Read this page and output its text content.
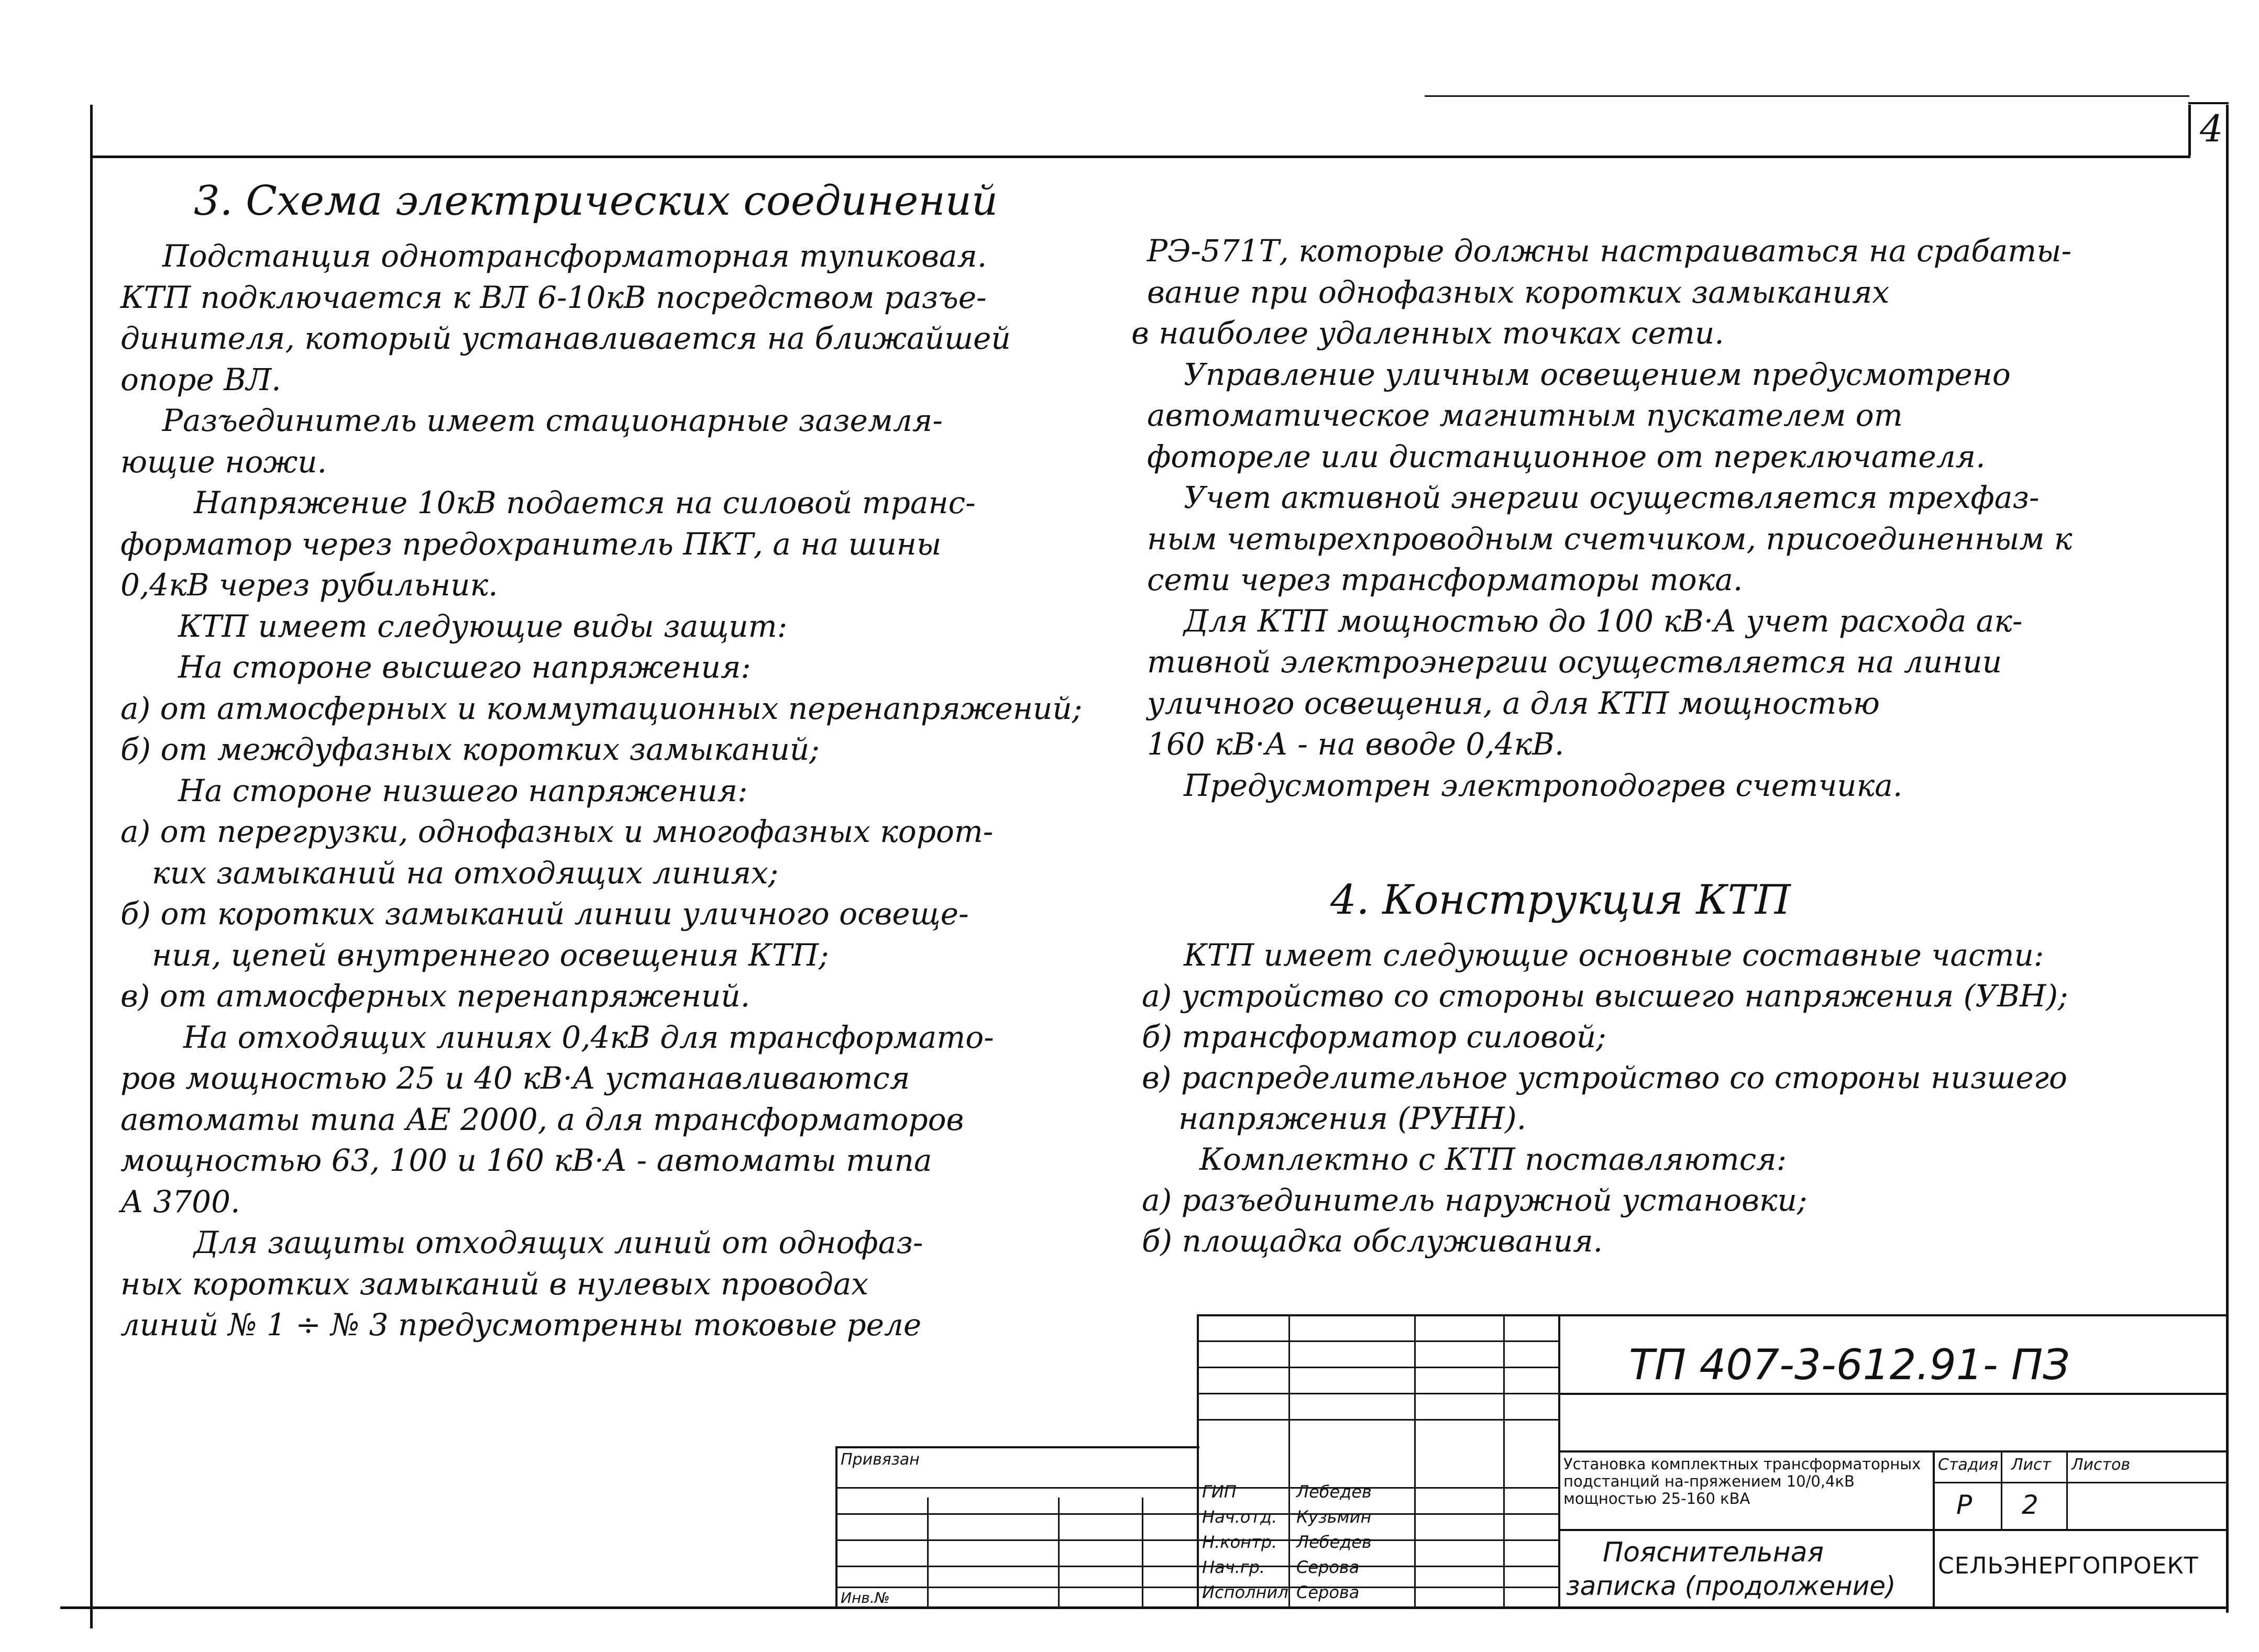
4
3. Схема электрических соединений
Подстанция однотрансформаторная тупиковая.
КТП подключается к ВЛ 6-10кВ посредством разъе-
динителя, который устанавливается на ближайшей
опоре ВЛ.
Разъединитель имеет стационарные заземля-
ющие ножи.
Напряжение 10кВ подается на силовой транс-
форматор через предохранитель ПКТ, а на шины
0,4кВ через рубильник.
КТП имеет следующие виды защит:
На стороне высшего напряжения:
а) от атмосферных и коммутационных перенапряжений;
б) от междуфазных коротких замыканий;
На стороне низшего напряжения:
а) от перегрузки, однофазных и многофазных корот-
ких замыканий на отходящих линиях;
б) от коротких замыканий линии уличного освеще-
ния, цепей внутреннего освещения КТП;
в) от атмосферных перенапряжений.
На отходящих линиях 0,4кВ для трансформато-
ров мощностью 25 и 40 кВ·А устанавливаются
автоматы типа АЕ 2000, а для трансформаторов
мощностью 63, 100 и 160 кВ·А - автоматы типа
А 3700.
Для защиты отходящих линий от однофаз-
ных коротких замыканий в нулевых проводах
линий № 1 ÷ № 3 предусмотренны токовые реле
РЭ-571Т, которые должны настраиваться на срабаты-
вание при однофазных коротких замыканиях
в наиболее удаленных точках сети.
Управление уличным освещением предусмотрено
автоматическое магнитным пускателем от
фотореле или дистанционное от переключателя.
Учет активной энергии осуществляется трехфаз-
ным четырехпроводным счетчиком, присоединенным к
сети через трансформаторы тока.
Для КТП мощностью до 100 кВ·А учет расхода ак-
тивной электроэнергии осуществляется на линии
уличного освещения, а для КТП мощностью
160 кВ·А - на вводе 0,4кВ.
Предусмотрен электроподогрев счетчика.
4. Конструкция КТП
КТП имеет следующие основные составные части:
а) устройство со стороны высшего напряжения (УВН);
б) трансформатор силовой;
в) распределительное устройство со стороны низшего
напряжения (РУНН).
Комплектно с КТП поставляются:
а) разъединитель наружной установки;
б) площадка обслуживания.
ТП 407-3-612.91- ПЗ
Установка комплектных трансформаторных подстанций на-пряжением 10/0,4кВ мощностью 25-160 кВА
Стадия Лист Листов
Р 2
Пояснительная
записка (продолжение)
СЕЛЬЭНЕРГОПРОЕКТ
Привязан
Инв.№
ГИП
Нач.отд.
Н.контр.
Нач.гр.
Исполнил
Лебедев
Кузьмин
Лебедев
Серова
Серова
